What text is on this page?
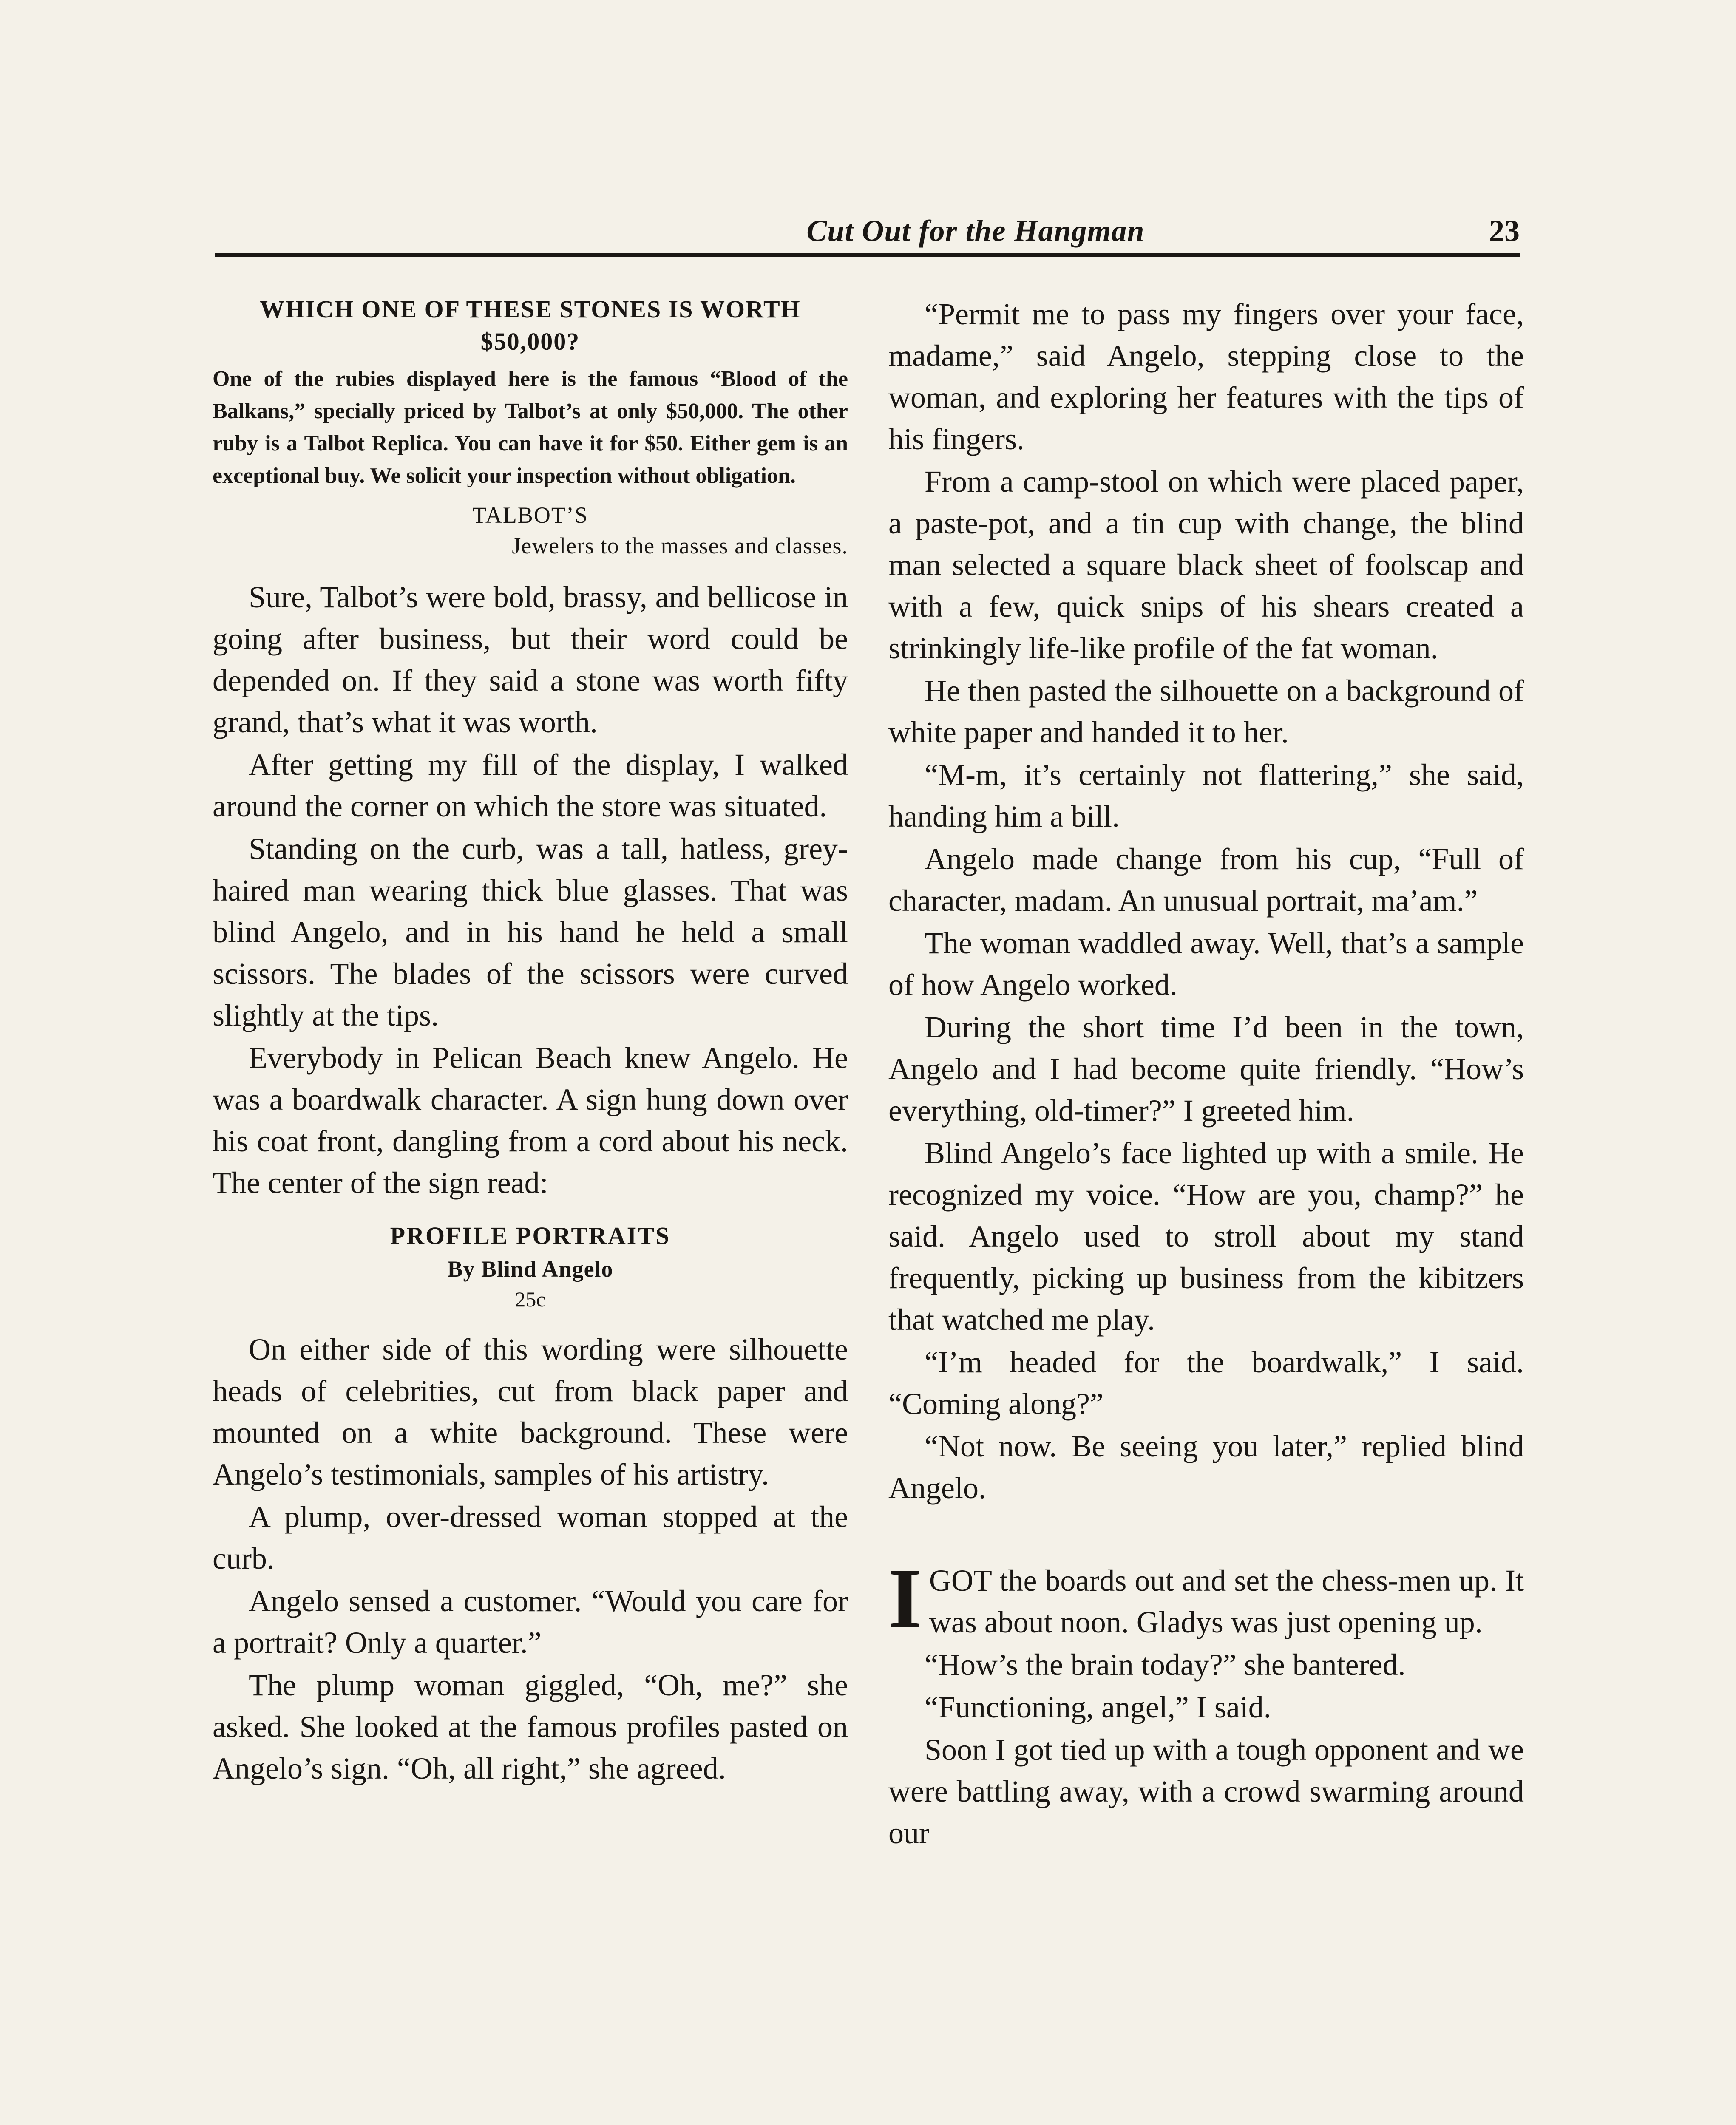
Cut Out for the Hangman	23

WHICH ONE OF THESE STONES IS WORTH $50,000?

One of the rubies displayed here is the famous “Blood of the Balkans,” specially priced by Talbot’s at only $50,000. The other ruby is a Talbot Replica. You can have it for $50. Either gem is an exceptional buy. We solicit your inspection without obligation.

TALBOT’S

Jewelers to the masses and classes.

Sure, Talbot’s were bold, brassy, and bellicose in going after business, but their word could be depended on. If they said a stone was worth fifty grand, that’s what it was worth.

After getting my fill of the display, I walked around the corner on which the store was situated.

Standing on the curb, was a tall, hatless, grey-haired man wearing thick blue glasses. That was blind Angelo, and in his hand he held a small scissors. The blades of the scissors were curved slightly at the tips.

Everybody in Pelican Beach knew Angelo. He was a boardwalk character. A sign hung down over his coat front, dangling from a cord about his neck. The center of the sign read:

PROFILE PORTRAITS
By Blind Angelo
25c

On either side of this wording were silhouette heads of celebrities, cut from black paper and mounted on a white background. These were Angelo’s testimonials, samples of his artistry.

A plump, over-dressed woman stopped at the curb.

Angelo sensed a customer. “Would you care for a portrait? Only a quarter.”

The plump woman giggled, “Oh, me?” she asked. She looked at the famous profiles pasted on Angelo’s sign. “Oh, all right,” she agreed.

“Permit me to pass my fingers over your face, madame,” said Angelo, stepping close to the woman, and exploring her features with the tips of his fingers.

From a camp-stool on which were placed paper, a paste-pot, and a tin cup with change, the blind man selected a square black sheet of foolscap and with a few, quick snips of his shears created a strinkingly life-like profile of the fat woman.

He then pasted the silhouette on a background of white paper and handed it to her.

“M-m, it’s certainly not flattering,” she said, handing him a bill.

Angelo made change from his cup, “Full of character, madam. An unusual portrait, ma’am.”

The woman waddled away. Well, that’s a sample of how Angelo worked.

During the short time I’d been in the town, Angelo and I had become quite friendly. “How’s everything, old-timer?” I greeted him.

Blind Angelo’s face lighted up with a smile. He recognized my voice. “How are you, champ?” he said. Angelo used to stroll about my stand frequently, picking up business from the kibitzers that watched me play.

“I’m headed for the boardwalk,” I said. “Coming along?”

“Not now. Be seeing you later,” replied blind Angelo.

IGOT the boards out and set the chess-men up. It was about noon. Gladys was just opening up.

“How’s the brain today?” she bantered.

“Functioning, angel,” I said.

Soon I got tied up with a tough opponent and we were battling away, with a crowd swarming around our
